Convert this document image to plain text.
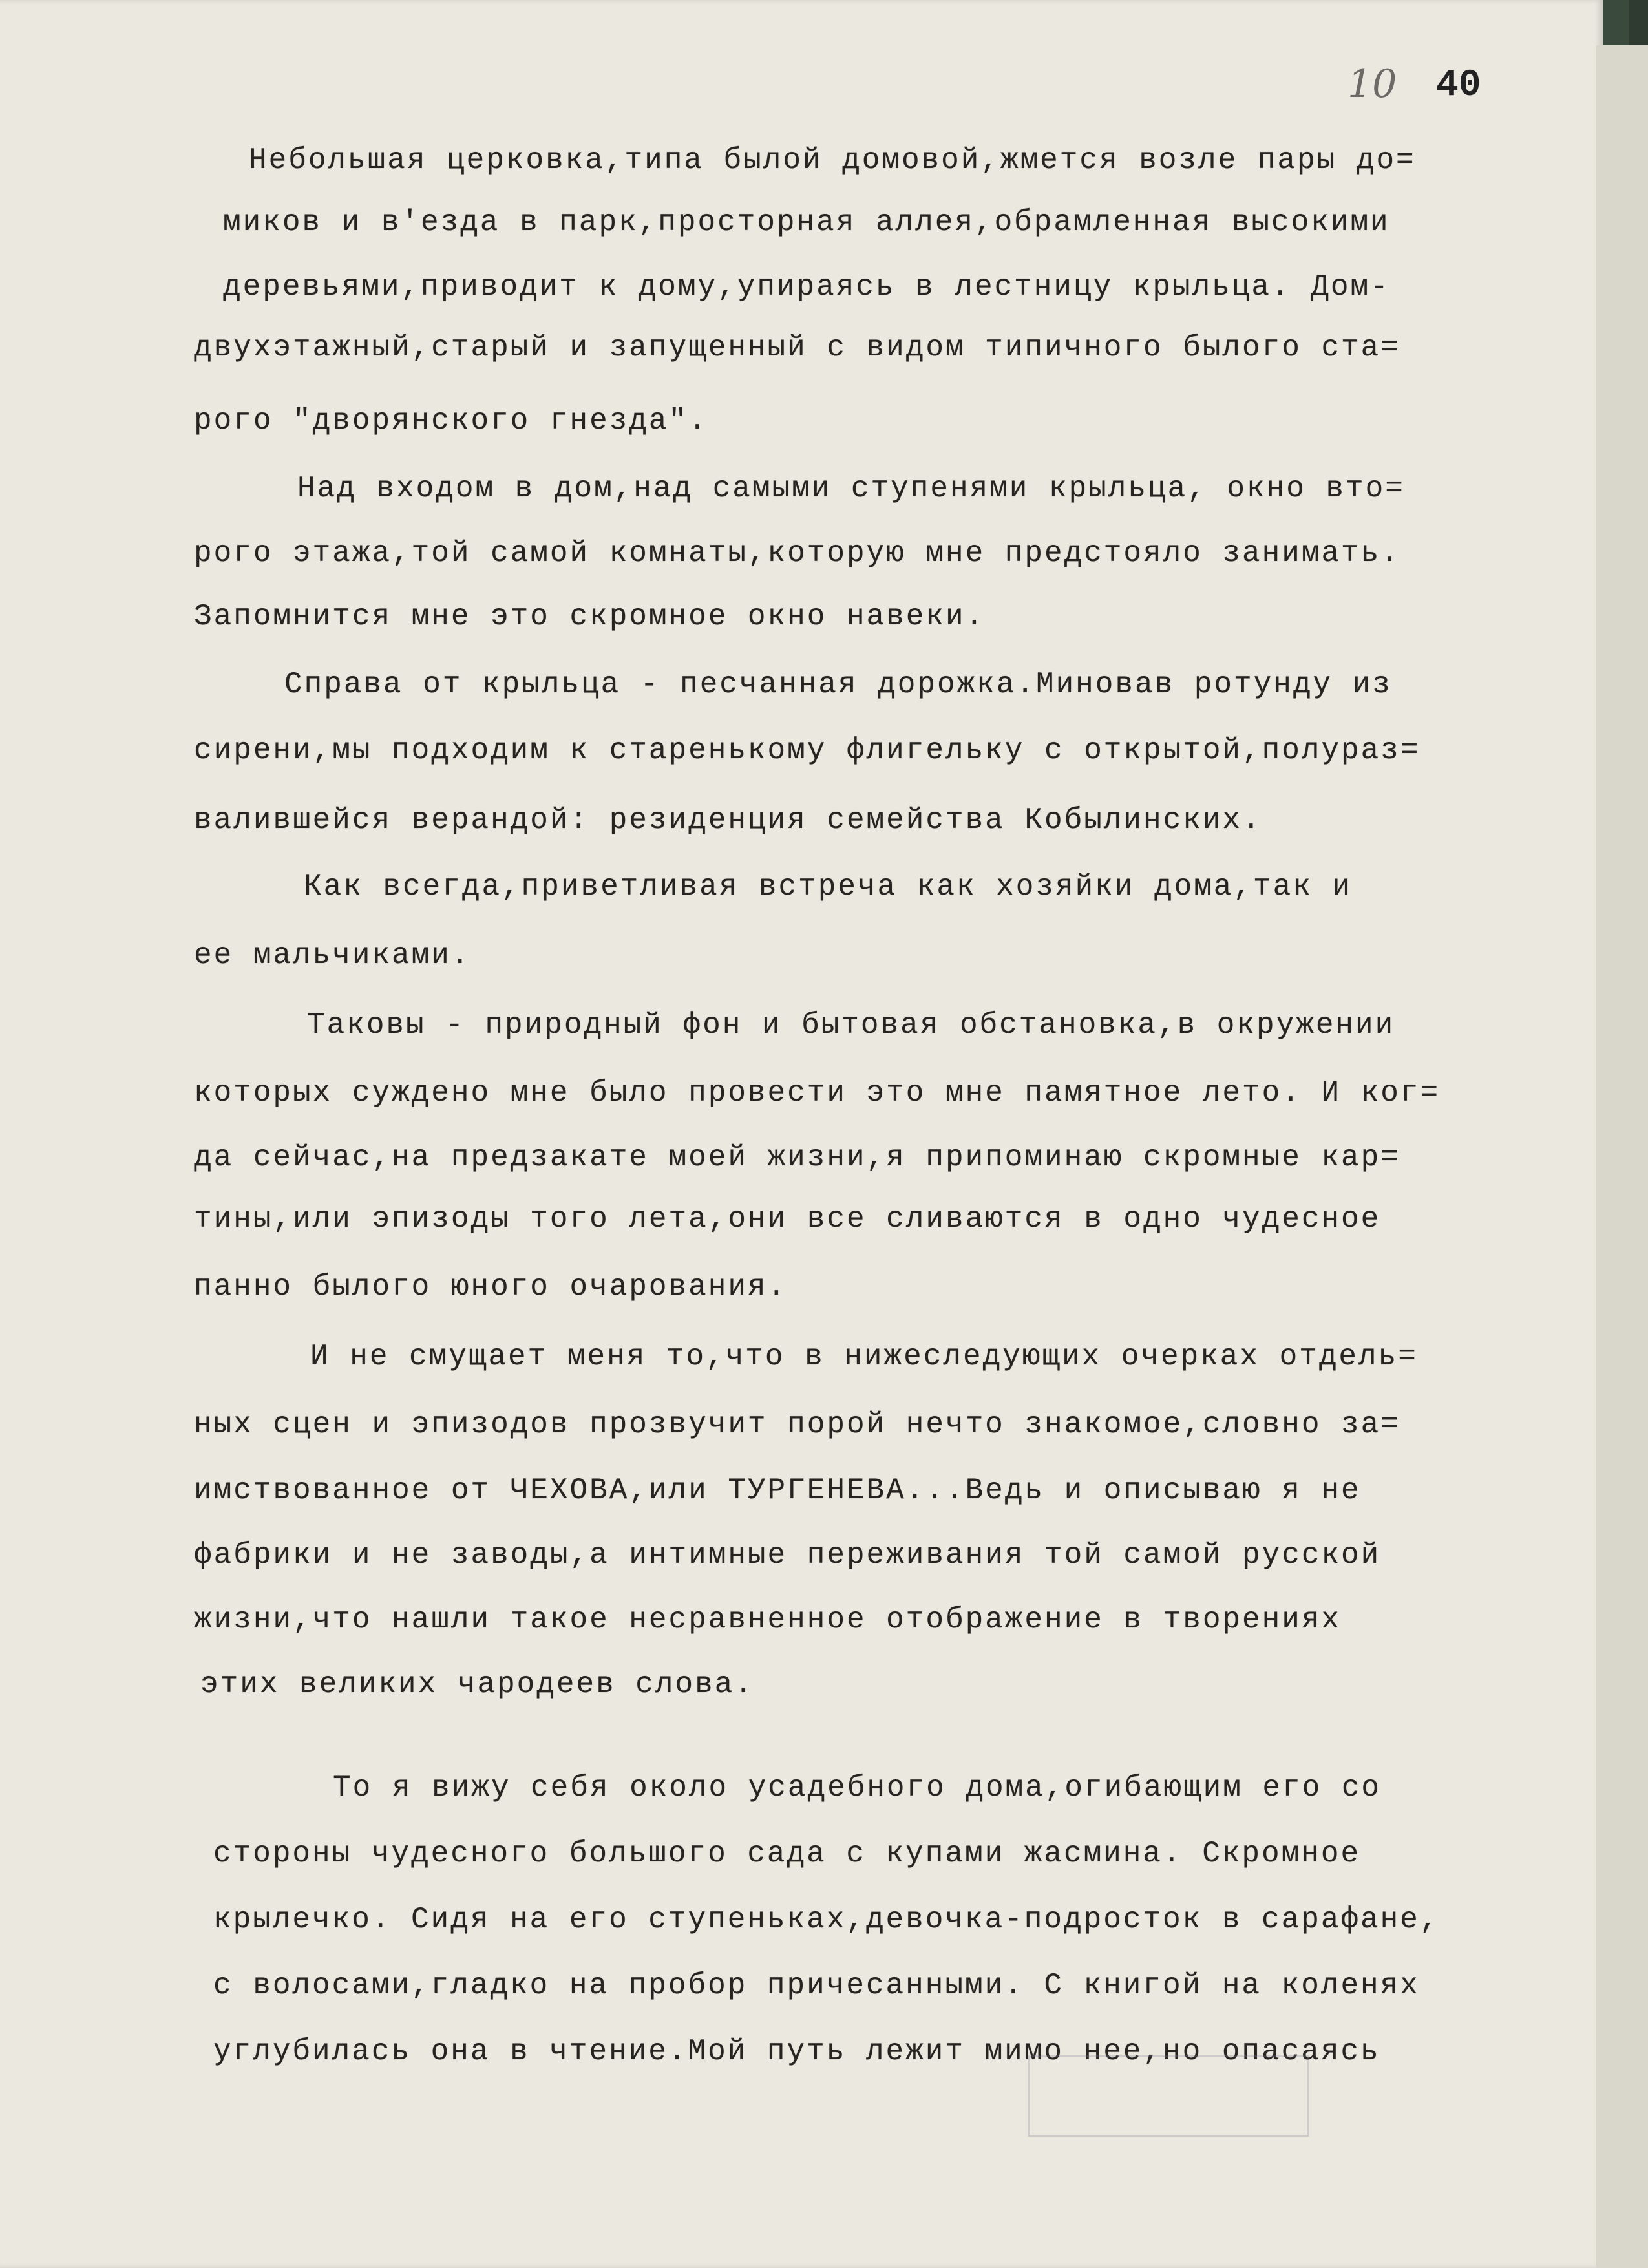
10 40
Небольшая церковка,типа былой домовой,жмется возле пары до=
миков и в'езда в парк,просторная аллея,обрамленная высокими
деревьями,приводит к дому,упираясь в лестницу крыльца. Дом-
двухэтажный,старый и запущенный с видом типичного былого ста=
рого "дворянского гнезда".
Над входом в дом,над самыми ступенями крыльца, окно вто=
рого этажа,той самой комнаты,которую мне предстояло занимать.
Запомнится мне это скромное окно навеки.
Справа от крыльца - песчанная дорожка.Миновав ротунду из
сирени,мы подходим к старенькому флигельку с открытой,полураз=
валившейся верандой: резиденция семейства Кобылинских.
Как всегда,приветливая встреча как хозяйки дома,так и
ее мальчиками.
Таковы - природный фон и бытовая обстановка,в окружении
которых суждено мне было провести это мне памятное лето. И ког=
да сейчас,на предзакате моей жизни,я припоминаю скромные кар=
тины,или эпизоды того лета,они все сливаются в одно чудесное
панно былого юного очарования.
И не смущает меня то,что в нижеследующих очерках отдель=
ных сцен и эпизодов прозвучит порой нечто знакомое,словно за=
имствованное от ЧЕХОВА,или ТУРГЕНЕВА...Ведь и описываю я не
фабрики и не заводы,а интимные переживания той самой русской
жизни,что нашли такое несравненное отображение в творениях
этих великих чародеев слова.
То я вижу себя около усадебного дома,огибающим его со
стороны чудесного большого сада с купами жасмина. Скромное
крылечко. Сидя на его ступеньках,девочка-подросток в сарафане,
с волосами,гладко на пробор причесанными. С книгой на коленях
углубилась она в чтение.Мой путь лежит мимо нее,но опасаясь
